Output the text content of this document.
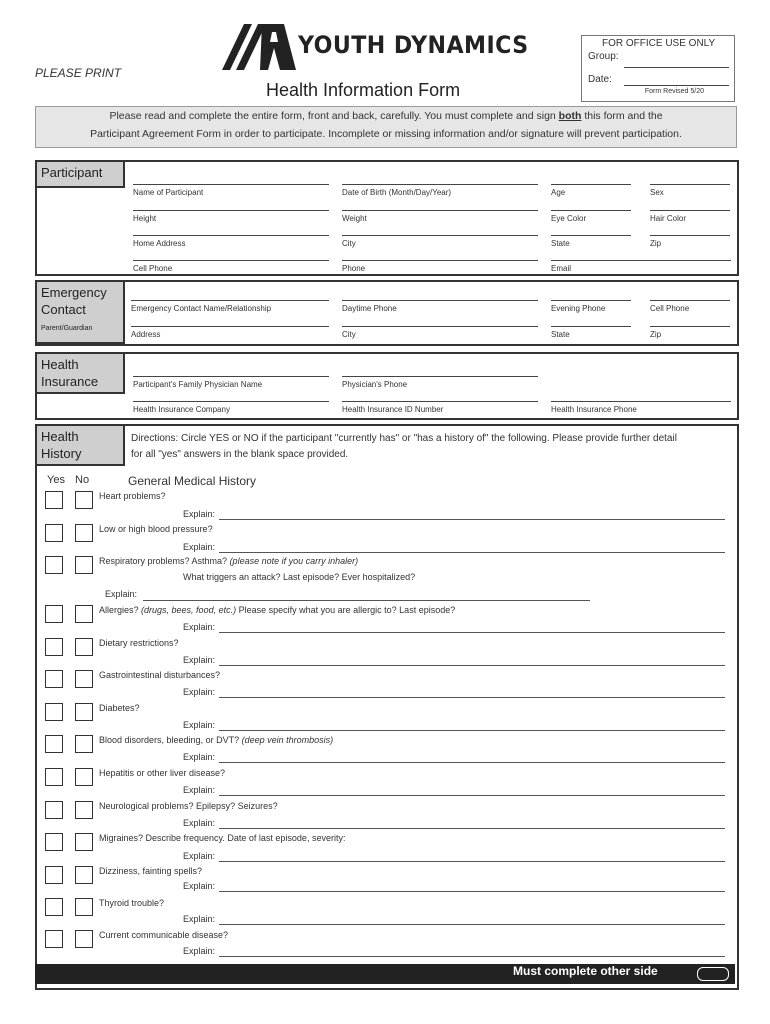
PLEASE PRINT
YOUTH DYNAMICS
Health Information Form
FOR OFFICE USE ONLY
Group:
Date:
Form Revised 5/20
Please read and complete the entire form, front and back, carefully. You must complete and sign both this form and the
Participant Agreement Form in order to participate. Incomplete or missing information and/or signature will prevent participation.
Participant
Name of Participant	Date of Birth (Month/Day/Year)	Age	Sex
Height	Weight	Eye Color	Hair Color
Home Address	City	State	Zip
Cell Phone	Phone	Email
Emergency
Contact
Parent/Guardian
Emergency Contact Name/Relationship	Daytime Phone	Evening Phone	Cell Phone
Address	City	State	Zip
Health
Insurance	Participant's Family Physician Name	Physician's Phone
Health Insurance Company	Health Insurance ID Number	Health Insurance Phone
Health
History
Directions: Circle YES or NO if the participant "currently has" or "has a history of" the following. Please provide further detail
for all "yes" answers in the blank space provided.
Yes No	General Medical History
Heart problems?
Explain:
Low or high blood pressure?
Explain:
Respiratory problems? Asthma? (please note if you carry inhaler)
What triggers an attack? Last episode? Ever hospitalized?
Explain:
Allergies? (drugs, bees, food, etc.) Please specify what you are allergic to? Last episode?
Explain:
Dietary restrictions?
Explain:
Gastrointestinal disturbances?
Explain:
Diabetes?
Explain:
Blood disorders, bleeding, or DVT? (deep vein thrombosis)
Explain:
Hepatitis or other liver disease?
Explain:
Neurological problems? Epilepsy? Seizures?
Explain:
Migraines? Describe frequency. Date of last episode, severity:
Explain:
Dizziness, fainting spells?
Explain:
Thyroid trouble?
Explain:
Current communicable disease?
Explain:
Must complete other side
